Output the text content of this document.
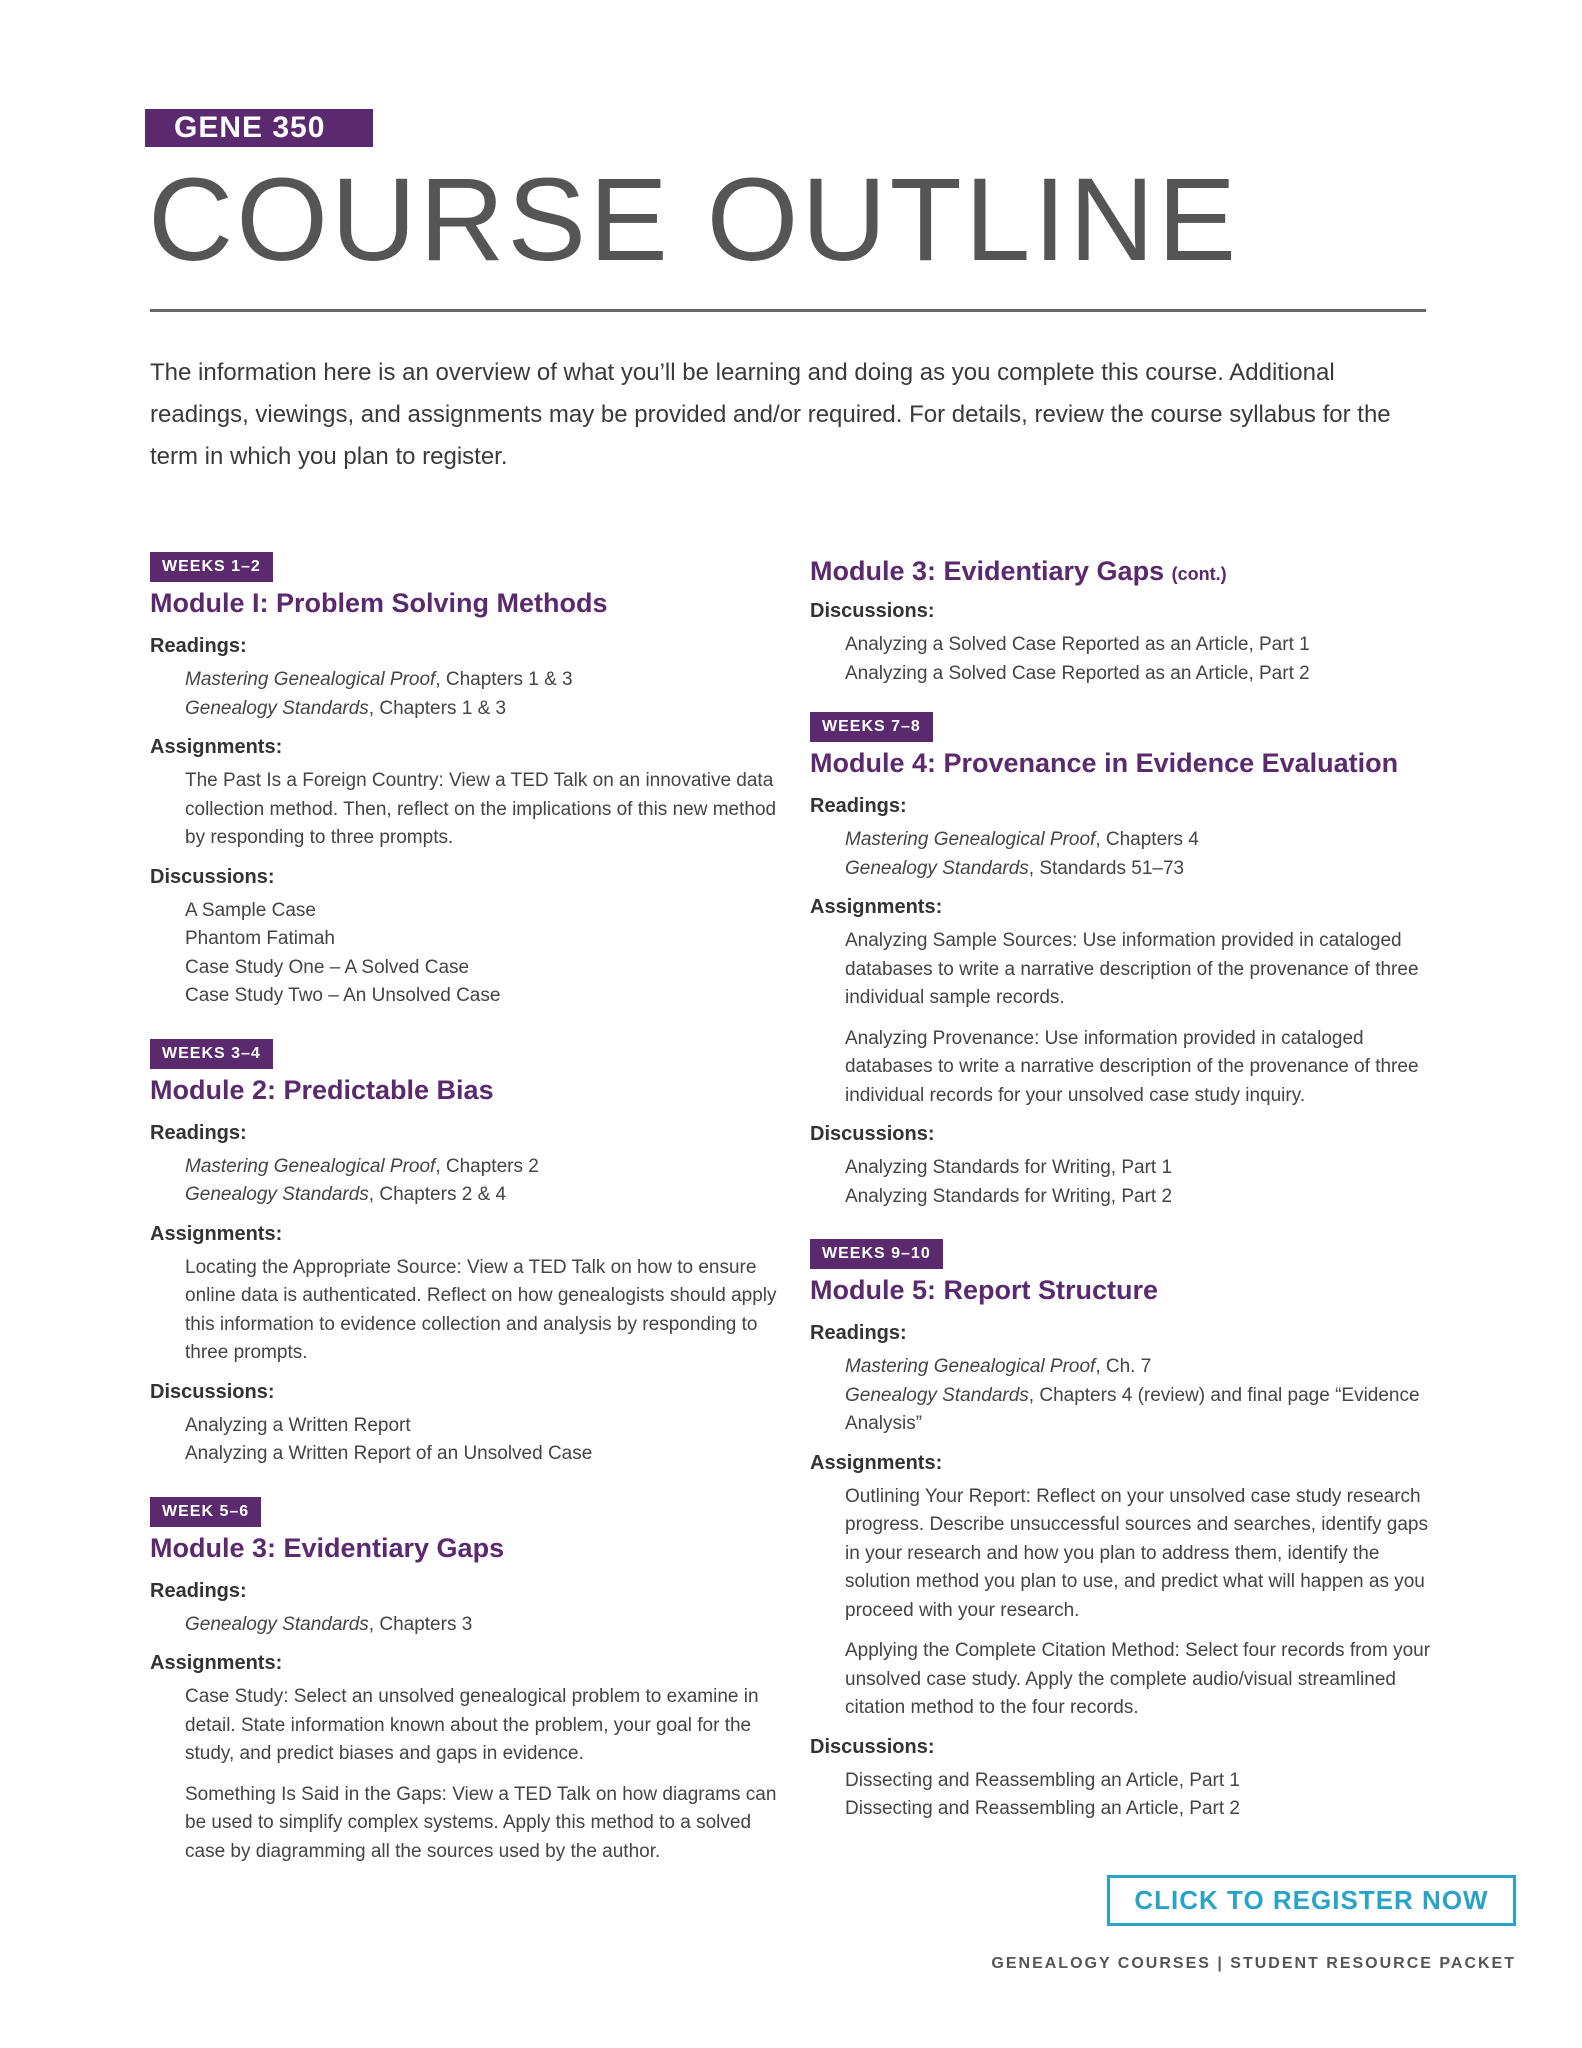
GENE 350
COURSE OUTLINE

The information here is an overview of what you’ll be learning and doing as you complete this course. Additional readings, viewings, and assignments may be provided and/or required. For details, review the course syllabus for the term in which you plan to register.

WEEKS 1–2
Module I: Problem Solving Methods
Readings:
Mastering Genealogical Proof, Chapters 1 & 3
Genealogy Standards, Chapters 1 & 3
Assignments:
The Past Is a Foreign Country: View a TED Talk on an innovative data collection method. Then, reflect on the implications of this new method by responding to three prompts.
Discussions:
A Sample Case
Phantom Fatimah
Case Study One – A Solved Case
Case Study Two – An Unsolved Case
WEEKS 3–4
Module 2: Predictable Bias
Readings:
Mastering Genealogical Proof, Chapters 2
Genealogy Standards, Chapters 2 & 4
Assignments:
Locating the Appropriate Source: View a TED Talk on how to ensure online data is authenticated. Reflect on how genealogists should apply this information to evidence collection and analysis by responding to three prompts.
Discussions:
Analyzing a Written Report
Analyzing a Written Report of an Unsolved Case
WEEK 5–6
Module 3: Evidentiary Gaps
Readings:
Genealogy Standards, Chapters 3
Assignments:
Case Study: Select an unsolved genealogical problem to examine in detail. State information known about the problem, your goal for the study, and predict biases and gaps in evidence.
Something Is Said in the Gaps: View a TED Talk on how diagrams can be used to simplify complex systems. Apply this method to a solved case by diagramming all the sources used by the author.
Module 3: Evidentiary Gaps (cont.)
Discussions:
Analyzing a Solved Case Reported as an Article, Part 1
Analyzing a Solved Case Reported as an Article, Part 2
WEEKS 7–8
Module 4: Provenance in Evidence Evaluation
Readings:
Mastering Genealogical Proof, Chapters 4
Genealogy Standards, Standards 51–73
Assignments:
Analyzing Sample Sources: Use information provided in cataloged databases to write a narrative description of the provenance of three individual sample records.
Analyzing Provenance: Use information provided in cataloged databases to write a narrative description of the provenance of three individual records for your unsolved case study inquiry.
Discussions:
Analyzing Standards for Writing, Part 1
Analyzing Standards for Writing, Part 2
WEEKS 9–10
Module 5: Report Structure
Readings:
Mastering Genealogical Proof, Ch. 7
Genealogy Standards, Chapters 4 (review) and final page “Evidence Analysis”
Assignments:
Outlining Your Report: Reflect on your unsolved case study research progress. Describe unsuccessful sources and searches, identify gaps in your research and how you plan to address them, identify the solution method you plan to use, and predict what will happen as you proceed with your research.
Applying the Complete Citation Method: Select four records from your unsolved case study. Apply the complete audio/visual streamlined citation method to the four records.
Discussions:
Dissecting and Reassembling an Article, Part 1
Dissecting and Reassembling an Article, Part 2
CLICK TO REGISTER NOW
GENEALOGY COURSES | STUDENT RESOURCE PACKET
